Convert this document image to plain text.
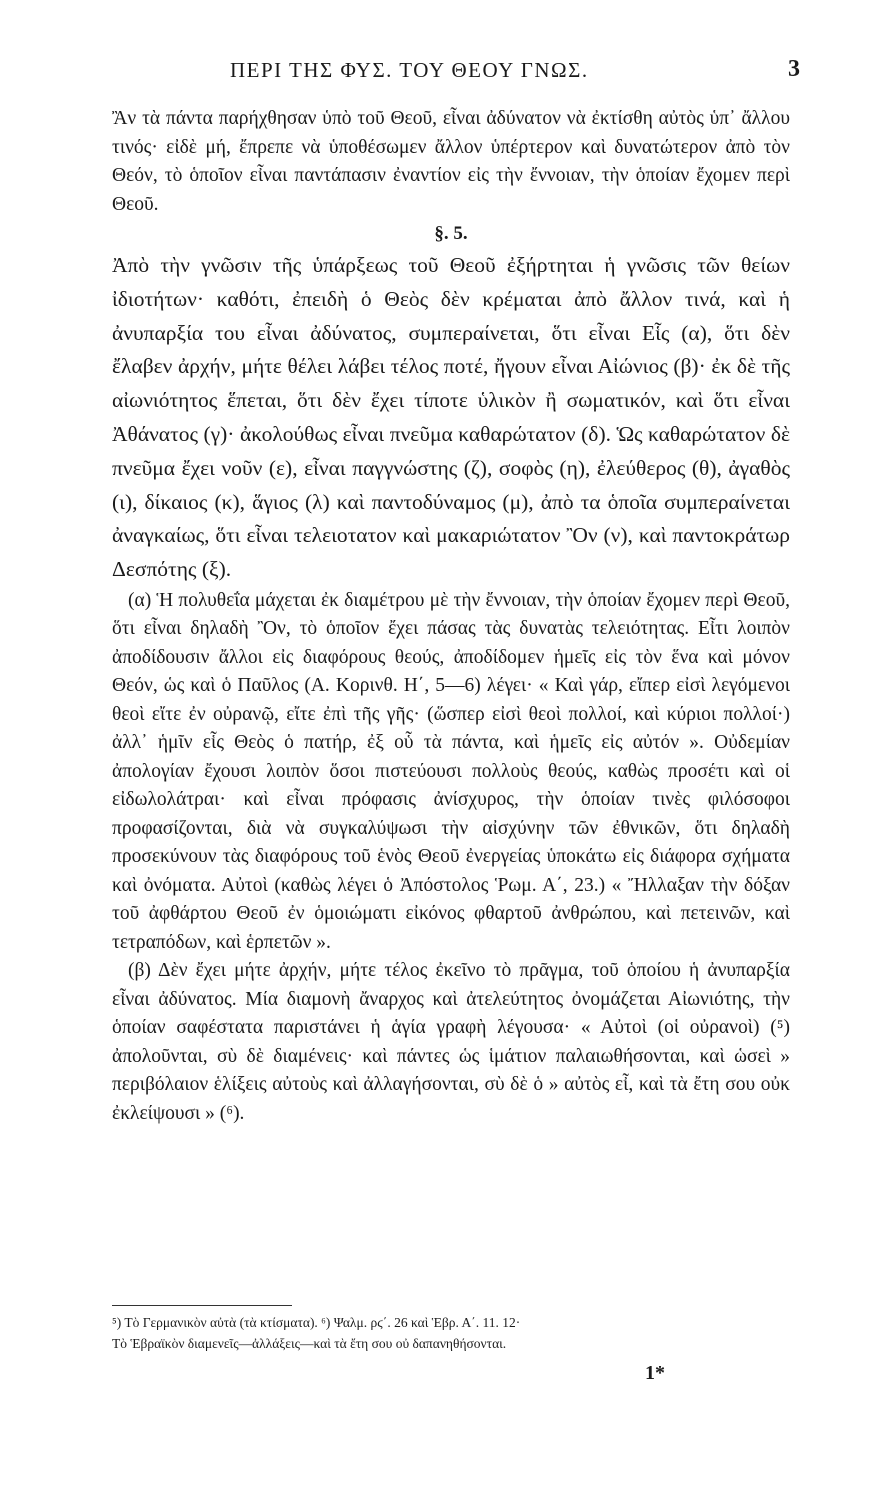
ΠΕΡΙ ΤΗΣ ΦΥΣ. ΤΟΥ ΘΕΟΥ ΓΝΩΣ.	3

Ἂν τὰ πάντα παρήχθησαν ὑπὸ τοῦ Θεοῦ, εἶναι ἀδύνατον νὰ ἐκτίσθη αὐτὸς ὑπ᾽ ἄλλου τινός· εἰδὲ μή, ἔπρεπε νὰ ὑποθέσωμεν ἄλλον ὑπέρτερον καὶ δυνατώτερον ἀπὸ τὸν Θεόν, τὸ ὁποῖον εἶναι παντάπασιν ἐναντίον εἰς τὴν ἔννοιαν, τὴν ὁποίαν ἔχομεν περὶ Θεοῦ.

§. 5.

Ἀπὸ τὴν γνῶσιν τῆς ὑπάρξεως τοῦ Θεοῦ ἐξήρτηται ἡ γνῶσις τῶν θείων ἰδιοτήτων· καθότι, ἐπειδὴ ὁ Θεὸς δὲν κρέμαται ἀπὸ ἄλλον τινά, καὶ ἡ ἀνυπαρξία του εἶναι ἀδύνατος, συμπεραίνεται, ὅτι εἶναι Εἷς (α), ὅτι δὲν ἔλαβεν ἀρχήν, μήτε θέλει λάβει τέλος ποτέ, ἤγουν εἶναι Αἰώνιος (β)· ἐκ δὲ τῆς αἰωνιότητος ἕπεται, ὅτι δὲν ἔχει τίποτε ὑλικὸν ἢ σωματικόν, καὶ ὅτι εἶναι Ἀθάνατος (γ)· ἀκολούθως εἶναι πνεῦμα καθαρώτατον (δ). Ὡς καθαρώτατον δὲ πνεῦμα ἔχει νοῦν (ε), εἶναι παγγνώστης (ζ), σοφὸς (η), ἐλεύθερος (θ), ἀγαθὸς (ι), δίκαιος (κ), ἅγιος (λ) καὶ παντοδύναμος (μ), ἀπὸ τα ὁποῖα συμπεραίνεται ἀναγκαίως, ὅτι εἶναι τελειοτατον καὶ μακαριώτατον Ὂν (ν), καὶ παντοκράτωρ Δεσπότης (ξ).

(α) Ἡ πολυθεΐα μάχεται ἐκ διαμέτρου μὲ τὴν ἔννοιαν, τὴν ὁποίαν ἔχομεν περὶ Θεοῦ, ὅτι εἶναι δηλαδὴ Ὂν, τὸ ὁποῖον ἔχει πάσας τὰς δυνατὰς τελειότητας. Εἶτι λοιπὸν ἀποδίδουσιν ἄλλοι εἰς διαφόρους θεούς, ἀποδίδομεν ἡμεῖς εἰς τὸν ἕνα καὶ μόνον Θεόν, ὡς καὶ ὁ Παῦλος (Α. Κορινθ. Η΄, 5—6) λέγει· « Καὶ γάρ, εἴπερ εἰσὶ λεγόμενοι θεοὶ εἴτε ἐν οὐρανῷ, εἴτε ἐπὶ τῆς γῆς· (ὥσπερ εἰσὶ θεοὶ πολλοί, καὶ κύριοι πολλοί·) ἀλλ᾽ ἡμῖν εἷς Θεὸς ὁ πατήρ, ἐξ οὗ τὰ πάντα, καὶ ἡμεῖς εἰς αὐτόν ». Οὐδεμίαν ἀπολογίαν ἔχουσι λοιπὸν ὅσοι πιστεύουσι πολλοὺς θεούς, καθὼς προσέτι καὶ οἱ εἰδωλολάτραι· καὶ εἶναι πρόφασις ἀνίσχυρος, τὴν ὁποίαν τινὲς φιλόσοφοι προφασίζονται, διὰ νὰ συγκαλύψωσι τὴν αἰσχύνην τῶν ἐθνικῶν, ὅτι δηλαδὴ προσεκύνουν τὰς διαφόρους τοῦ ἑνὸς Θεοῦ ἐνεργείας ὑποκάτω εἰς διάφορα σχήματα καὶ ὀνόματα. Αὐτοὶ (καθὼς λέγει ὁ Ἀπόστολος Ῥωμ. Α΄, 23.) « Ἤλλαξαν τὴν δόξαν τοῦ ἀφθάρτου Θεοῦ ἐν ὁμοιώματι εἰκόνος φθαρτοῦ ἀνθρώπου, καὶ πετεινῶν, καὶ τετραπόδων, καὶ ἑρπετῶν ».

(β) Δὲν ἔχει μήτε ἀρχήν, μήτε τέλος ἐκεῖνο τὸ πρᾶγμα, τοῦ ὁποίου ἡ ἀνυπαρξία εἶναι ἀδύνατος. Μία διαμονὴ ἄναρχος καὶ ἀτελεύτητος ὀνομάζεται Αἰωνιότης, τὴν ὁποίαν σαφέστατα παριστάνει ἡ ἁγία γραφὴ λέγουσα· « Αὐτοὶ (οἱ οὐρανοὶ) (⁵) ἀπολοῦνται, σὺ δὲ διαμένεις· καὶ πάντες ὡς ἱμάτιον παλαιωθήσονται, καὶ ὡσεὶ » περιβόλαιον ἑλίξεις αὐτοὺς καὶ ἀλλαγήσονται, σὺ δὲ ὁ » αὐτὸς εἶ, καὶ τὰ ἔτη σου οὐκ ἐκλείψουσι » (⁶).

⁵) Τὸ Γερμανικὸν αὐτὰ (τὰ κτίσματα). ⁶) Ψαλμ. ρϛ΄. 26 καὶ Ἑβρ. Α΄. 11. 12·

Τὸ Ἑβραϊκὸν διαμενεῖς—ἀλλάξεις—καὶ τὰ ἔτη σου οὐ δαπανηθήσονται.

1*
